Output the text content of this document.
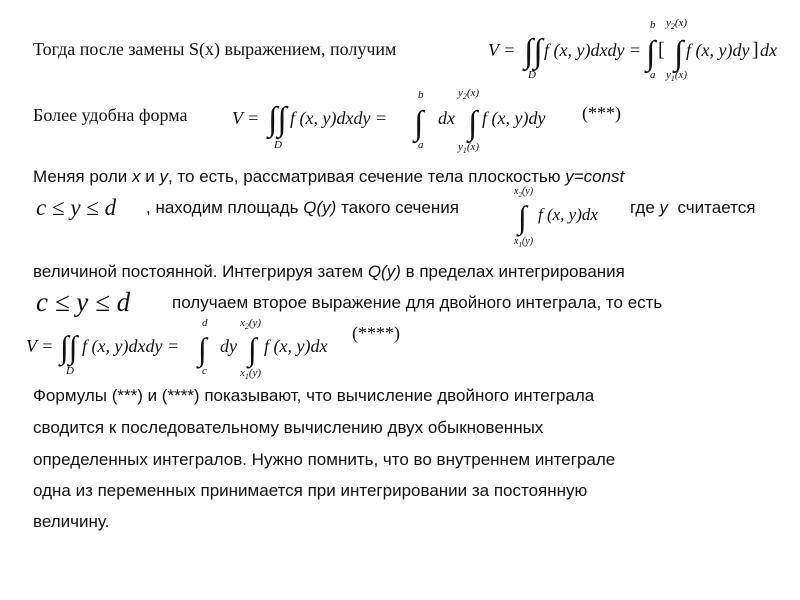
Тогда после замены S(x) выражением, получим	V = ∫∫ f (x, y)dxdy =
D
b
∫
a
[
$y_2(x)$
∫
$y_1(x)$
f (x, y)dy ] dx
Более удобна форма V = ∫∫ f (x, y)dxdy =
D
b
∫
a
dx
$y_2(x)$
∫
$y_1(x)$
f (x, y)dy (***)
Меняя роли x и y, то есть, рассматривая сечение тела плоскостью y=const
c ≤ y ≤ d , находим площадь Q(y) такого сечения
$x_2(y)$
∫
$x_1(y)$
f (x, y)dx где y считается
величиной постоянной. Интегрируя затем Q(y) в пределах интегрирования
c ≤ y ≤ d получаем второе выражение для двойного интеграла, то есть
V = ∫∫ f (x, y)dxdy =
D
d
∫
c
dy
$x_2(y)$
∫
$x_1(y)$
f (x, y)dx
(****)
Формулы (***) и (****) показывают, что вычисление двойного интеграла
сводится к последовательному вычислению двух обыкновенных
определенных интегралов. Нужно помнить, что во внутреннем интеграле
одна из переменных принимается при интегрировании за постоянную
величину.
